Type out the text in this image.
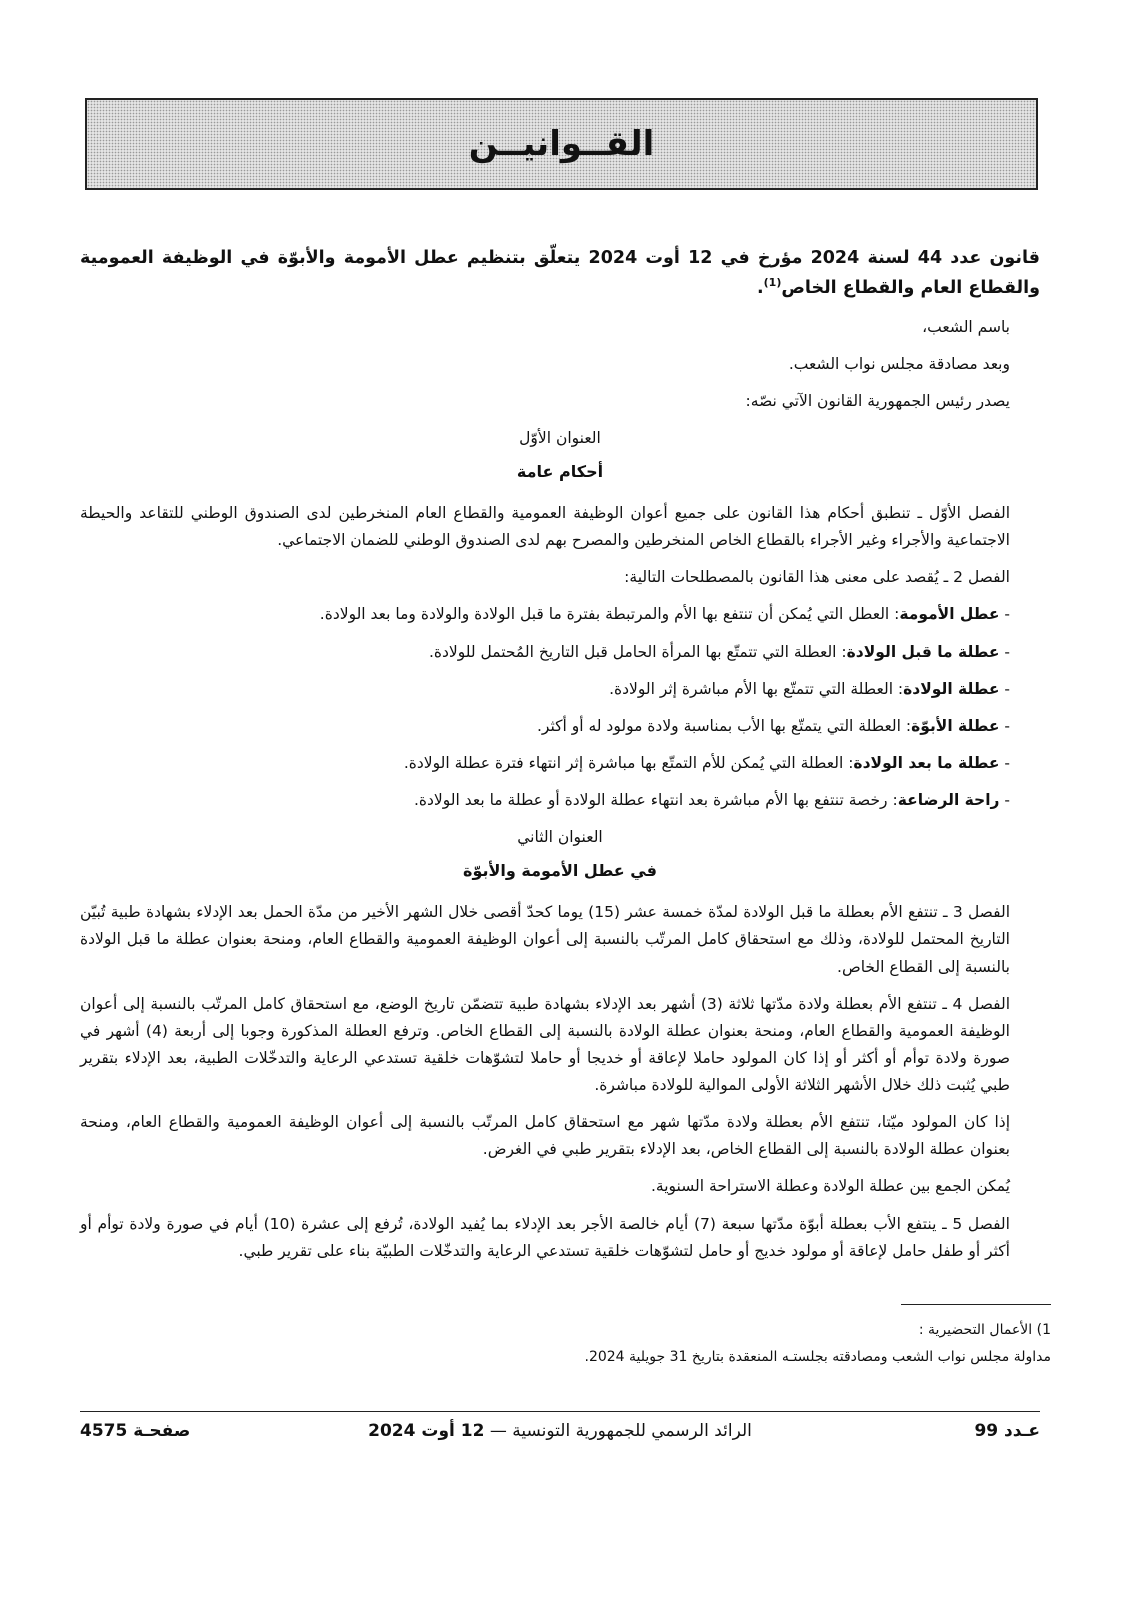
القــوانيــن

قانون عدد 44 لسنة 2024 مؤرخ في 12 أوت 2024 يتعلّق بتنظيم عطل الأمومة والأبوّة في الوظيفة العمومية والقطاع العام والقطاع الخاص$^{(1)}$.

باسم الشعب،

وبعد مصادقة مجلس نواب الشعب.

يصدر رئيس الجمهورية القانون الآتي نصّه:

العنوان الأوّل

أحكام عامة

الفصل الأوّل ـ تنطبق أحكام هذا القانون على جميع أعوان الوظيفة العمومية والقطاع العام المنخرطين لدى الصندوق الوطني للتقاعد والحيطة الاجتماعية والأجراء وغير الأجراء بالقطاع الخاص المنخرطين والمصرح بهم لدى الصندوق الوطني للضمان الاجتماعي.

الفصل 2 ـ يُقصد على معنى هذا القانون بالمصطلحات التالية:

- عطل الأمومة: العطل التي يُمكن أن تنتفع بها الأم والمرتبطة بفترة ما قبل الولادة والولادة وما بعد الولادة.
- عطلة ما قبل الولادة: العطلة التي تتمتّع بها المرأة الحامل قبل التاريخ المُحتمل للولادة.
- عطلة الولادة: العطلة التي تتمتّع بها الأم مباشرة إثر الولادة.
- عطلة الأبوّة: العطلة التي يتمتّع بها الأب بمناسبة ولادة مولود له أو أكثر.
- عطلة ما بعد الولادة: العطلة التي يُمكن للأم التمتّع بها مباشرة إثر انتهاء فترة عطلة الولادة.
- راحة الرضاعة: رخصة تنتفع بها الأم مباشرة بعد انتهاء عطلة الولادة أو عطلة ما بعد الولادة.

العنوان الثاني

في عطل الأمومة والأبوّة

الفصل 3 ـ تنتفع الأم بعطلة ما قبل الولادة لمدّة خمسة عشر (15) يوما كحدّ أقصى خلال الشهر الأخير من مدّة الحمل بعد الإدلاء بشهادة طبية تُبيّن التاريخ المحتمل للولادة، وذلك مع استحقاق كامل المرتّب بالنسبة إلى أعوان الوظيفة العمومية والقطاع العام، ومنحة بعنوان عطلة ما قبل الولادة بالنسبة إلى القطاع الخاص.

الفصل 4 ـ تنتفع الأم بعطلة ولادة مدّتها ثلاثة (3) أشهر بعد الإدلاء بشهادة طبية تتضمّن تاريخ الوضع، مع استحقاق كامل المرتّب بالنسبة إلى أعوان الوظيفة العمومية والقطاع العام، ومنحة بعنوان عطلة الولادة بالنسبة إلى القطاع الخاص. وترفع العطلة المذكورة وجوبا إلى أربعة (4) أشهر في صورة ولادة توأم أو أكثر أو إذا كان المولود حاملا لإعاقة أو خديجا أو حاملا لتشوّهات خلقية تستدعي الرعاية والتدخّلات الطبية، بعد الإدلاء بتقرير طبي يُثبت ذلك خلال الأشهر الثلاثة الأولى الموالية للولادة مباشرة.

إذا كان المولود ميّتا، تنتفع الأم بعطلة ولادة مدّتها شهر مع استحقاق كامل المرتّب بالنسبة إلى أعوان الوظيفة العمومية والقطاع العام، ومنحة بعنوان عطلة الولادة بالنسبة إلى القطاع الخاص، بعد الإدلاء بتقرير طبي في الغرض.

يُمكن الجمع بين عطلة الولادة وعطلة الاستراحة السنوية.

الفصل 5 ـ ينتفع الأب بعطلة أبوّة مدّتها سبعة (7) أيام خالصة الأجر بعد الإدلاء بما يُفيد الولادة، تُرفع إلى عشرة (10) أيام في صورة ولادة توأم أو أكثر أو طفل حامل لإعاقة أو مولود خديج أو حامل لتشوّهات خلقية تستدعي الرعاية والتدخّلات الطبيّة بناء على تقرير طبي.

1) الأعمال التحضيرية :

مداولة مجلس نواب الشعب ومصادقته بجلستـه المنعقدة بتاريخ 31 جويلية 2024.

عـدد 99
الرائد الرسمي للجمهورية التونسية — 12 أوت 2024
صفحـة 4575
